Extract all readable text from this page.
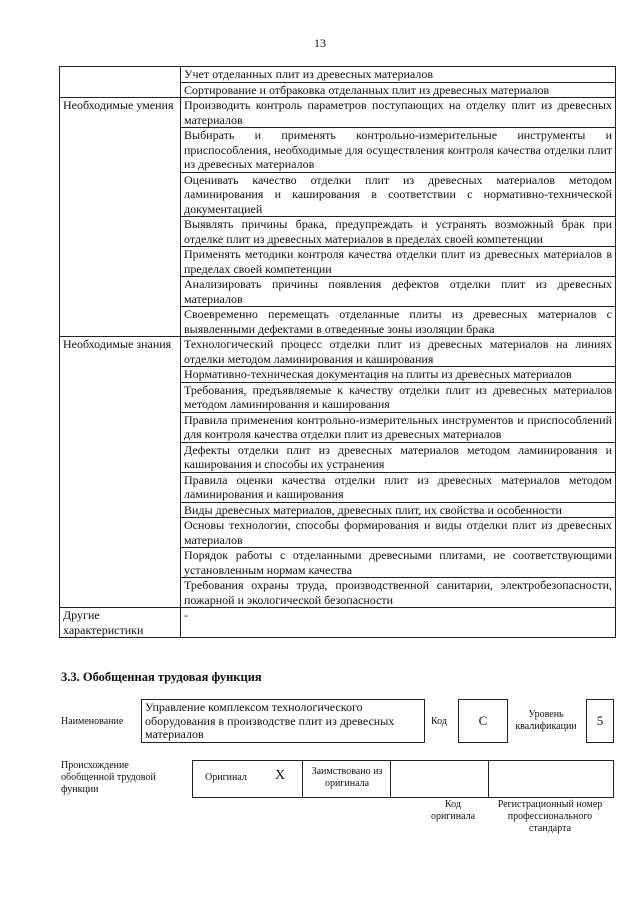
13
	Учет отделанных плит из древесных материалов
	Сортирование и отбраковка отделанных плит из древесных материалов
Необходимые умения	Производить контроль параметров поступающих на отделку плит из древесных материалов
	Выбирать и применять контрольно-измерительные инструменты и приспособления, необходимые для осуществления контроля качества отделки плит из древесных материалов
	Оценивать качество отделки плит из древесных материалов методом ламинирования и каширования в соответствии с нормативно-технической документацией
	Выявлять причины брака, предупреждать и устранять возможный брак при отделке плит из древесных материалов в пределах своей компетенции
	Применять методики контроля качества отделки плит из древесных материалов в пределах своей компетенции
	Анализировать причины появления дефектов отделки плит из древесных материалов
	Своевременно перемещать отделанные плиты из древесных материалов с выявленными дефектами в отведенные зоны изоляции брака
Необходимые знания	Технологический процесс отделки плит из древесных материалов на линиях отделки методом ламинирования и каширования
	Нормативно-техническая документация на плиты из древесных материалов
	Требования, предъявляемые к качеству отделки плит из древесных материалов методом ламинирования и каширования
	Правила применения контрольно-измерительных инструментов и приспособлений для контроля качества отделки плит из древесных материалов
	Дефекты отделки плит из древесных материалов методом ламинирования и каширования и способы их устранения
	Правила оценки качества отделки плит из древесных материалов методом ламинирования и каширования
	Виды древесных материалов, древесных плит, их свойства и особенности
	Основы технологии, способы формирования и виды отделки плит из древесных материалов
	Порядок работы с отделанными древесными плитами, не соответствующими установленным нормам качества
	Требования охраны труда, производственной санитарии, электробезопасности, пожарной и экологической безопасности
Другие характеристики	-
3.3. Обобщенная трудовая функция
Наименование
Управление комплексом технологического оборудования в производстве плит из древесных материалов
Код	C	Уровень квалификации	5
Происхождение обобщенной трудовой функции
Оригинал X	Заимствовано из оригинала
Код оригинала
Регистрационный номер профессионального стандарта
